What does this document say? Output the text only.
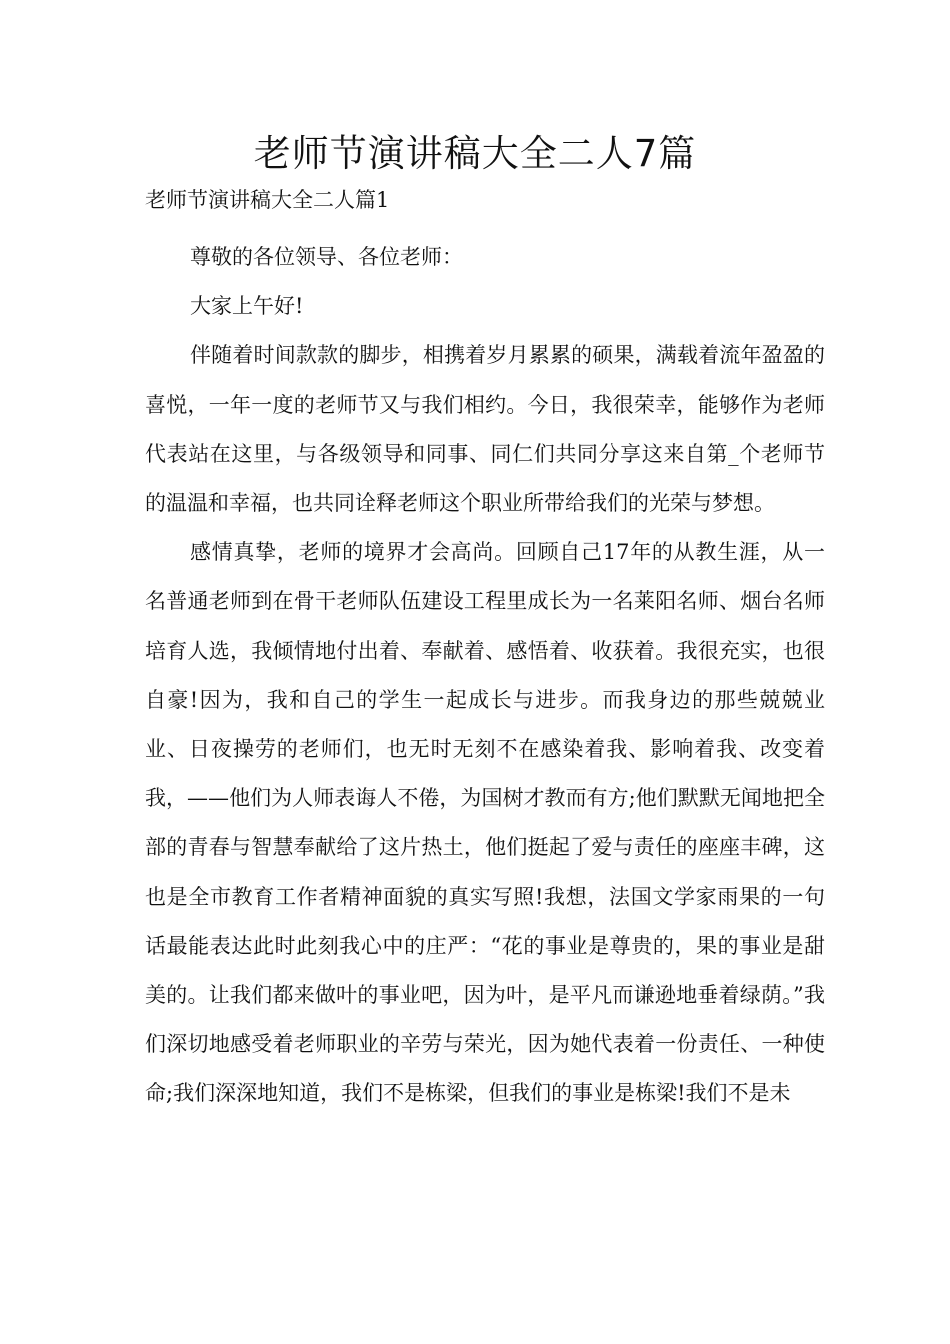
老师节演讲稿大全二人7篇
老师节演讲稿大全二人篇1

尊敬的各位领导、各位老师：

大家上午好!

伴随着时间款款的脚步，相携着岁月累累的硕果，满载着流年盈盈的喜悦，一年一度的老师节又与我们相约。今日，我很荣幸，能够作为老师代表站在这里，与各级领导和同事、同仁们共同分享这来自第_个老师节的温温和幸福，也共同诠释老师这个职业所带给我们的光荣与梦想。

感情真挚，老师的境界才会高尚。回顾自己17年的从教生涯，从一名普通老师到在骨干老师队伍建设工程里成长为一名莱阳名师、烟台名师培育人选，我倾情地付出着、奉献着、感悟着、收获着。我很充实，也很自豪!因为，我和自己的学生一起成长与进步。而我身边的那些兢兢业业、日夜操劳的老师们，也无时无刻不在感染着我、影响着我、改变着我，——他们为人师表诲人不倦，为国树才教而有方;他们默默无闻地把全部的青春与智慧奉献给了这片热土，他们挺起了爱与责任的座座丰碑，这也是全市教育工作者精神面貌的真实写照!我想，法国文学家雨果的一句话最能表达此时此刻我心中的庄严：“花的事业是尊贵的，果的事业是甜美的。让我们都来做叶的事业吧，因为叶，是平凡而谦逊地垂着绿荫。”我们深切地感受着老师职业的辛劳与荣光，因为她代表着一份责任、一种使命;我们深深地知道，我们不是栋梁，但我们的事业是栋梁!我们不是未
